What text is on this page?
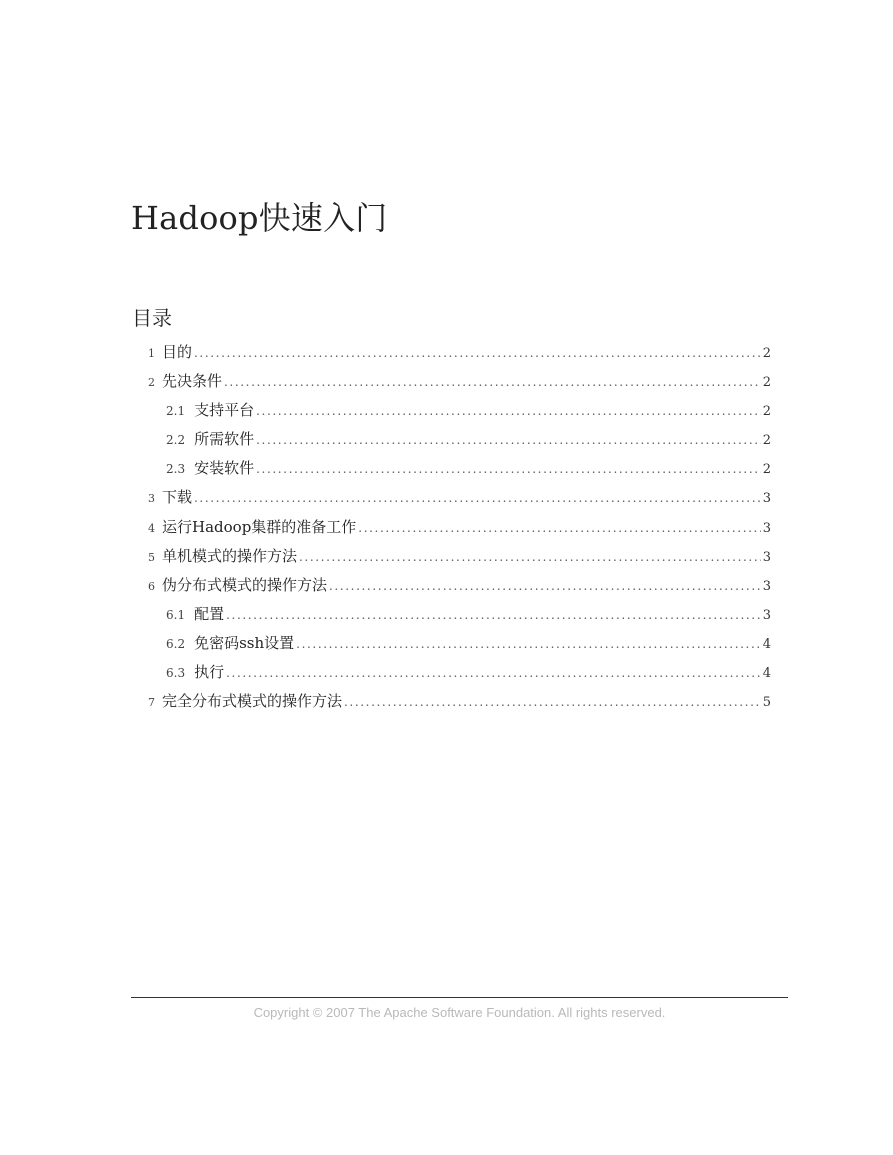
Hadoop快速入门
目录
1 目的 .....	2
2 先决条件 .....	2
2.1 支持平台 .....	2
2.2 所需软件 .....	2
2.3 安装软件 .....	2
3 下载 .....	3
4 运行Hadoop集群的准备工作 .....	3
5 单机模式的操作方法 .....	3
6 伪分布式模式的操作方法 .....	3
6.1 配置 .....	3
6.2 免密码ssh设置 .....	4
6.3 执行 .....	4
7 完全分布式模式的操作方法 .....	5
Copyright © 2007 The Apache Software Foundation. All rights reserved.
